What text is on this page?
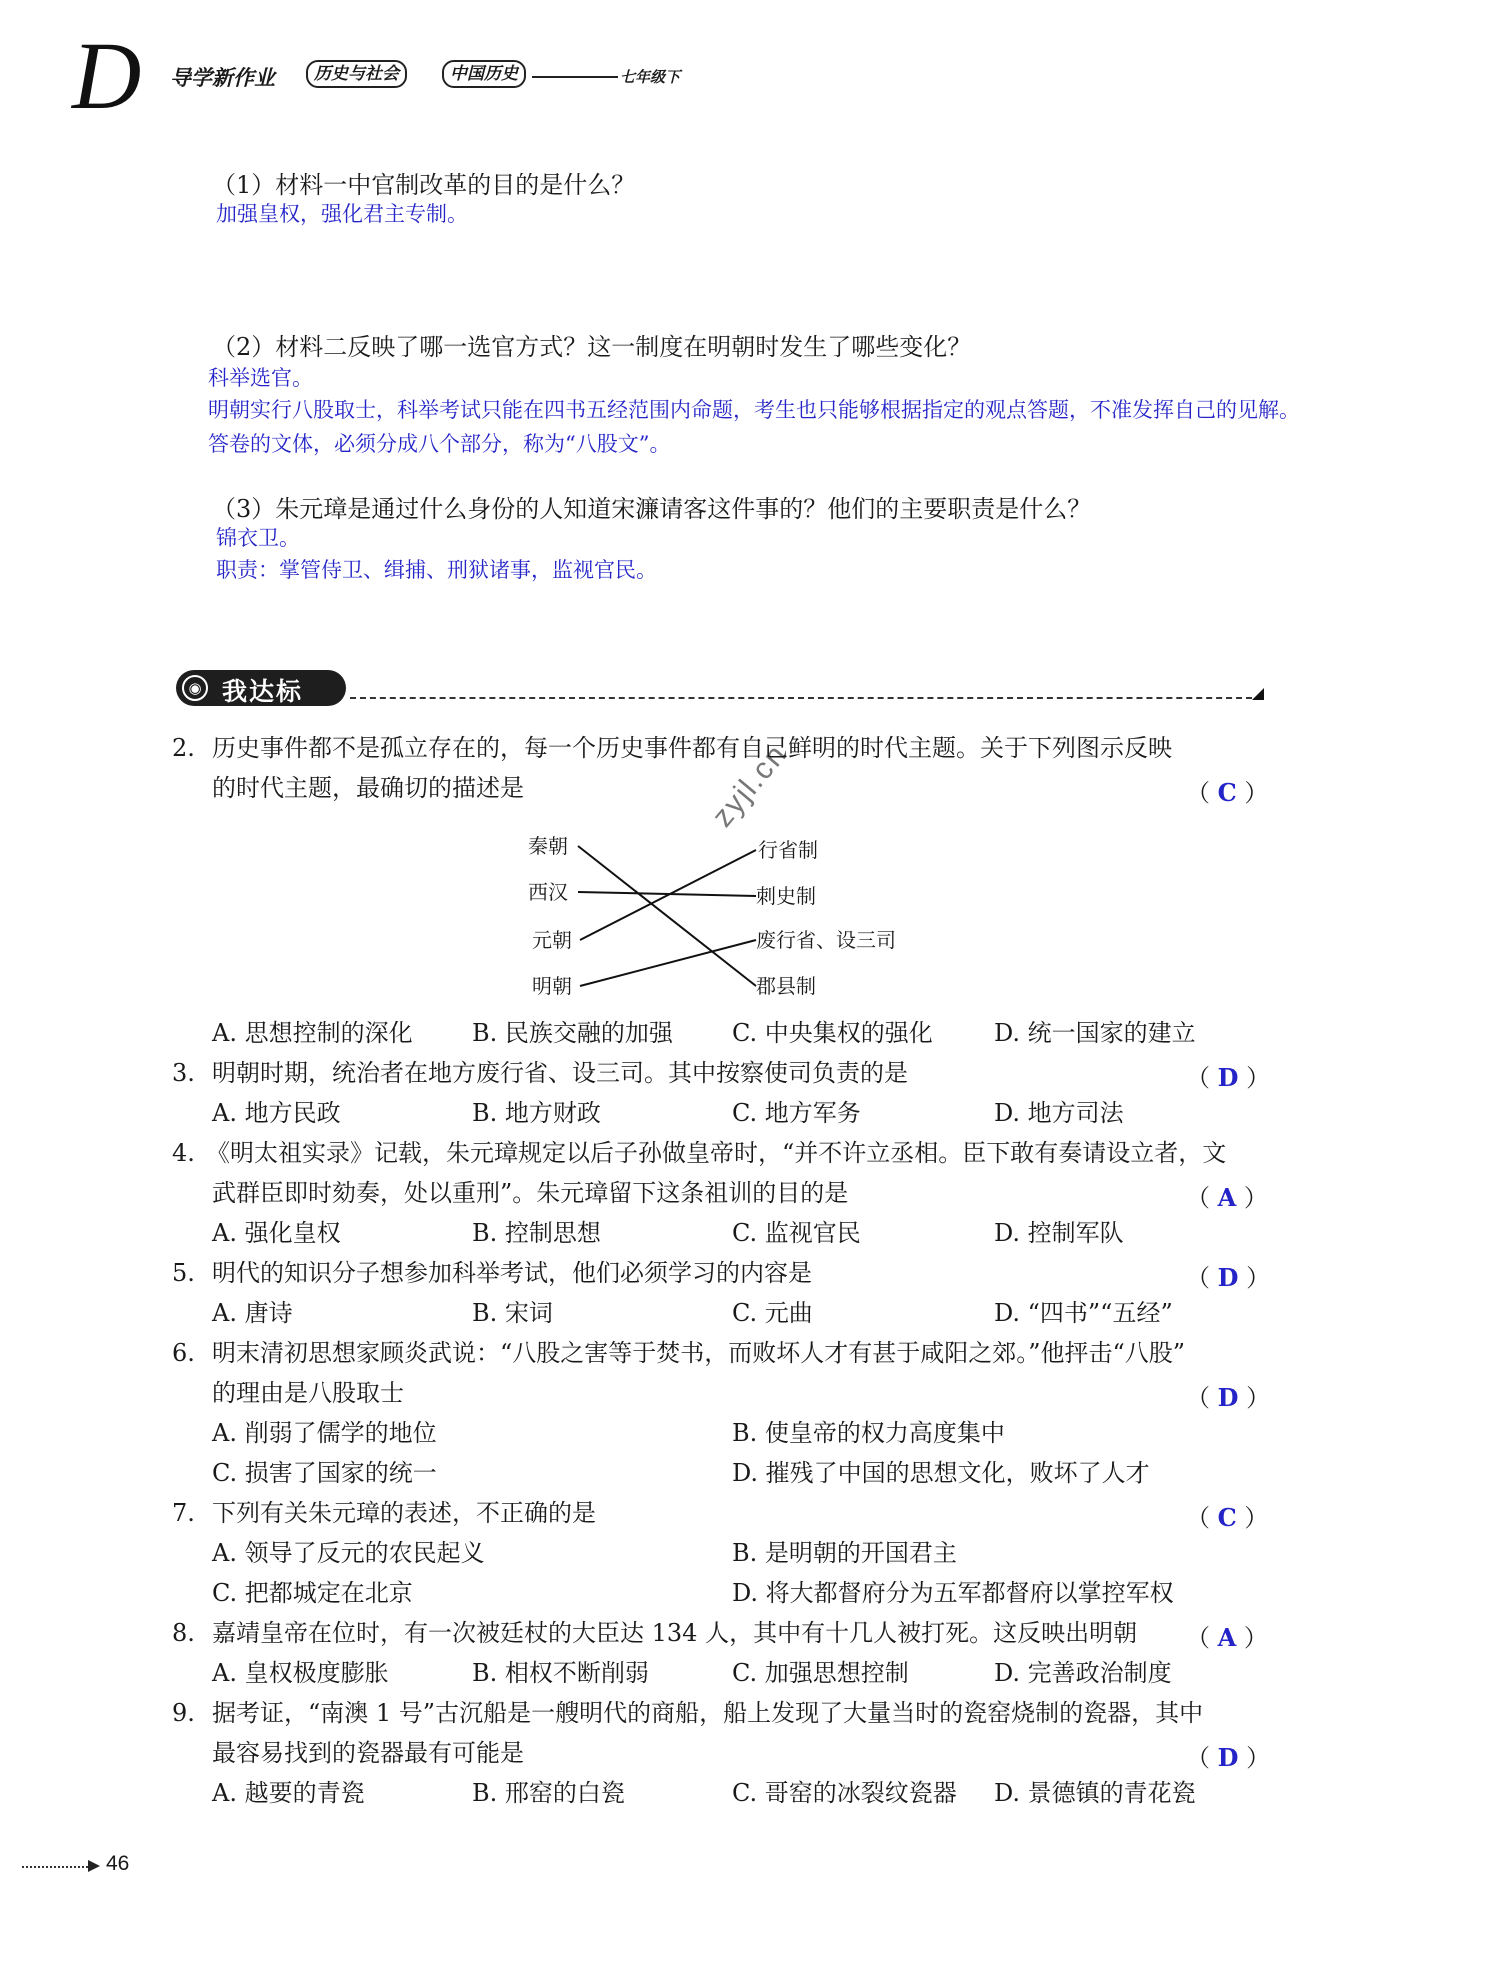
D 导学新作业	历史与社会	中国历史	七年级下
（1）材料一中官制改革的目的是什么？
加强皇权，强化君主专制。
（2）材料二反映了哪一选官方式？这一制度在明朝时发生了哪些变化？
科举选官。
明朝实行八股取士，科举考试只能在四书五经范围内命题，考生也只能够根据指定的观点答题，不准发挥自己的见解。
答卷的文体，必须分成八个部分，称为“八股文”。
（3）朱元璋是通过什么身份的人知道宋濂请客这件事的？他们的主要职责是什么？
锦衣卫。
职责：掌管侍卫、缉捕、刑狱诸事，监视官民。
◉ 我达标
zyjl.cn
2. 历史事件都不是孤立存在的，每一个历史事件都有自己鲜明的时代主题。关于下列图示反映
的时代主题，最确切的描述是	（ C ）
秦朝
西汉
元朝
明朝
行省制
刺史制
废行省、设三司
郡县制
A. 思想控制的深化 B. 民族交融的加强 C. 中央集权的强化	D. 统一国家的建立
3. 明朝时期，统治者在地方废行省、设三司。其中按察使司负责的是	（ D ）
A. 地方民政	B. 地方财政	C. 地方军务	D. 地方司法
4. 《明太祖实录》记载，朱元璋规定以后子孙做皇帝时，“并不许立丞相。臣下敢有奏请设立者，文
武群臣即时劾奏，处以重刑”。朱元璋留下这条祖训的目的是	（ A ）
A. 强化皇权	B. 控制思想	C. 监视官民	D. 控制军队
5. 明代的知识分子想参加科举考试，他们必须学习的内容是	（ D ）
A. 唐诗	B. 宋词	C. 元曲	D. “四书”“五经”
6. 明末清初思想家顾炎武说：“八股之害等于焚书，而败坏人才有甚于咸阳之郊。”他抨击“八股”
的理由是八股取士	（ D ）
A. 削弱了儒学的地位	B. 使皇帝的权力高度集中
C. 损害了国家的统一	D. 摧残了中国的思想文化，败坏了人才
7. 下列有关朱元璋的表述，不正确的是	（ C ）
A. 领导了反元的农民起义	B. 是明朝的开国君主
C. 把都城定在北京	D. 将大都督府分为五军都督府以掌控军权
8. 嘉靖皇帝在位时，有一次被廷杖的大臣达 134 人，其中有十几人被打死。这反映出明朝 （ A ）
A. 皇权极度膨胀	B. 相权不断削弱	C. 加强思想控制	D. 完善政治制度
9. 据考证，“南澳 1 号”古沉船是一艘明代的商船，船上发现了大量当时的瓷窑烧制的瓷器，其中
最容易找到的瓷器最有可能是	（ D ）
A. 越要的青瓷	B. 邢窑的白瓷	C. 哥窑的冰裂纹瓷器 D. 景德镇的青花瓷
46
